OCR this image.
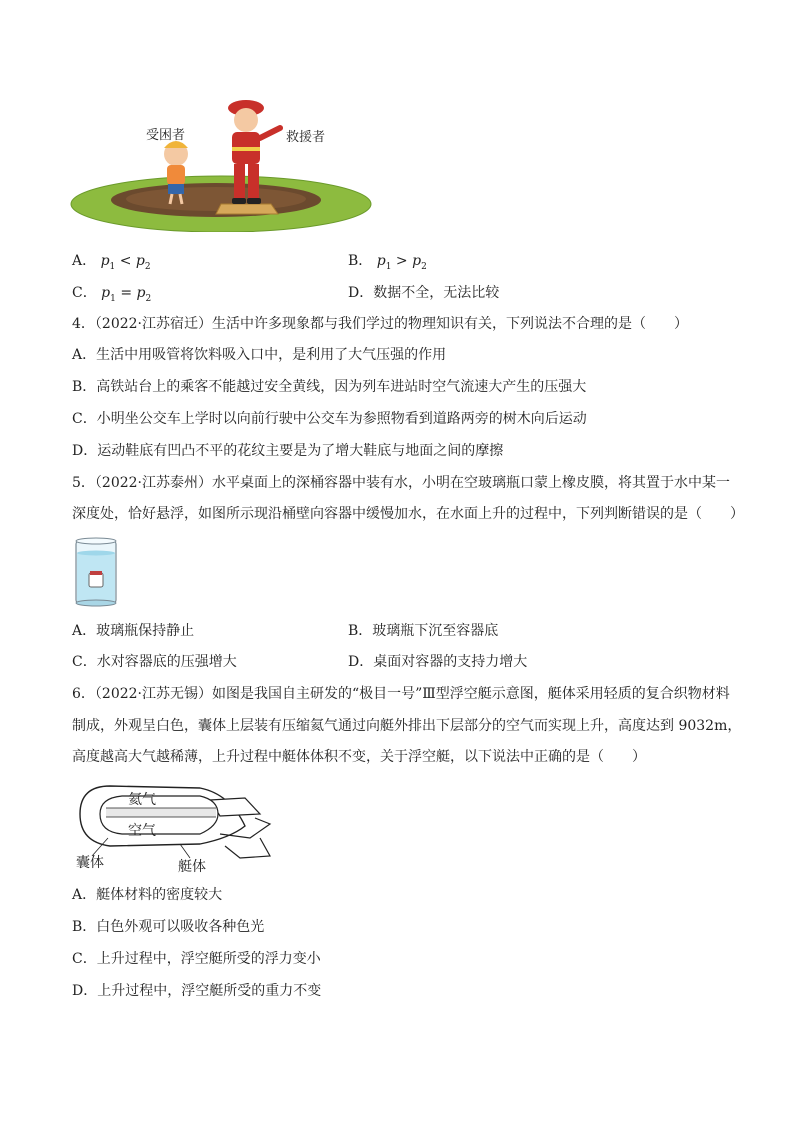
受困者	救援者
A． $p_1 < p_2$	B． $p_1 > p_2$
C． $p_1 = p_2$	D．数据不全，无法比较
4．（2022·江苏宿迁）生活中许多现象都与我们学过的物理知识有关，下列说法不合理的是（　　）
A．生活中用吸管将饮料吸入口中，是利用了大气压强的作用
B．高铁站台上的乘客不能越过安全黄线，因为列车进站时空气流速大产生的压强大
C．小明坐公交车上学时以向前行驶中公交车为参照物看到道路两旁的树木向后运动
D．运动鞋底有凹凸不平的花纹主要是为了增大鞋底与地面之间的摩擦
5．（2022·江苏泰州）水平桌面上的深桶容器中装有水，小明在空玻璃瓶口蒙上橡皮膜，将其置于水中某一
深度处，恰好悬浮，如图所示现沿桶壁向容器中缓慢加水，在水面上升的过程中，下列判断错误的是（　　）
A．玻璃瓶保持静止	B．玻璃瓶下沉至容器底
C．水对容器底的压强增大	D．桌面对容器的支持力增大
6．（2022·江苏无锡）如图是我国自主研发的“极目一号”Ⅲ型浮空艇示意图，艇体采用轻质的复合织物材料
制成，外观呈白色，囊体上层装有压缩氦气通过向艇外排出下层部分的空气而实现上升，高度达到 9032m，
高度越高大气越稀薄，上升过程中艇体体积不变，关于浮空艇，以下说法中正确的是（　　）
氦气
空气
囊体	艇体
A．艇体材料的密度较大
B．白色外观可以吸收各种色光
C．上升过程中，浮空艇所受的浮力变小
D．上升过程中，浮空艇所受的重力不变
